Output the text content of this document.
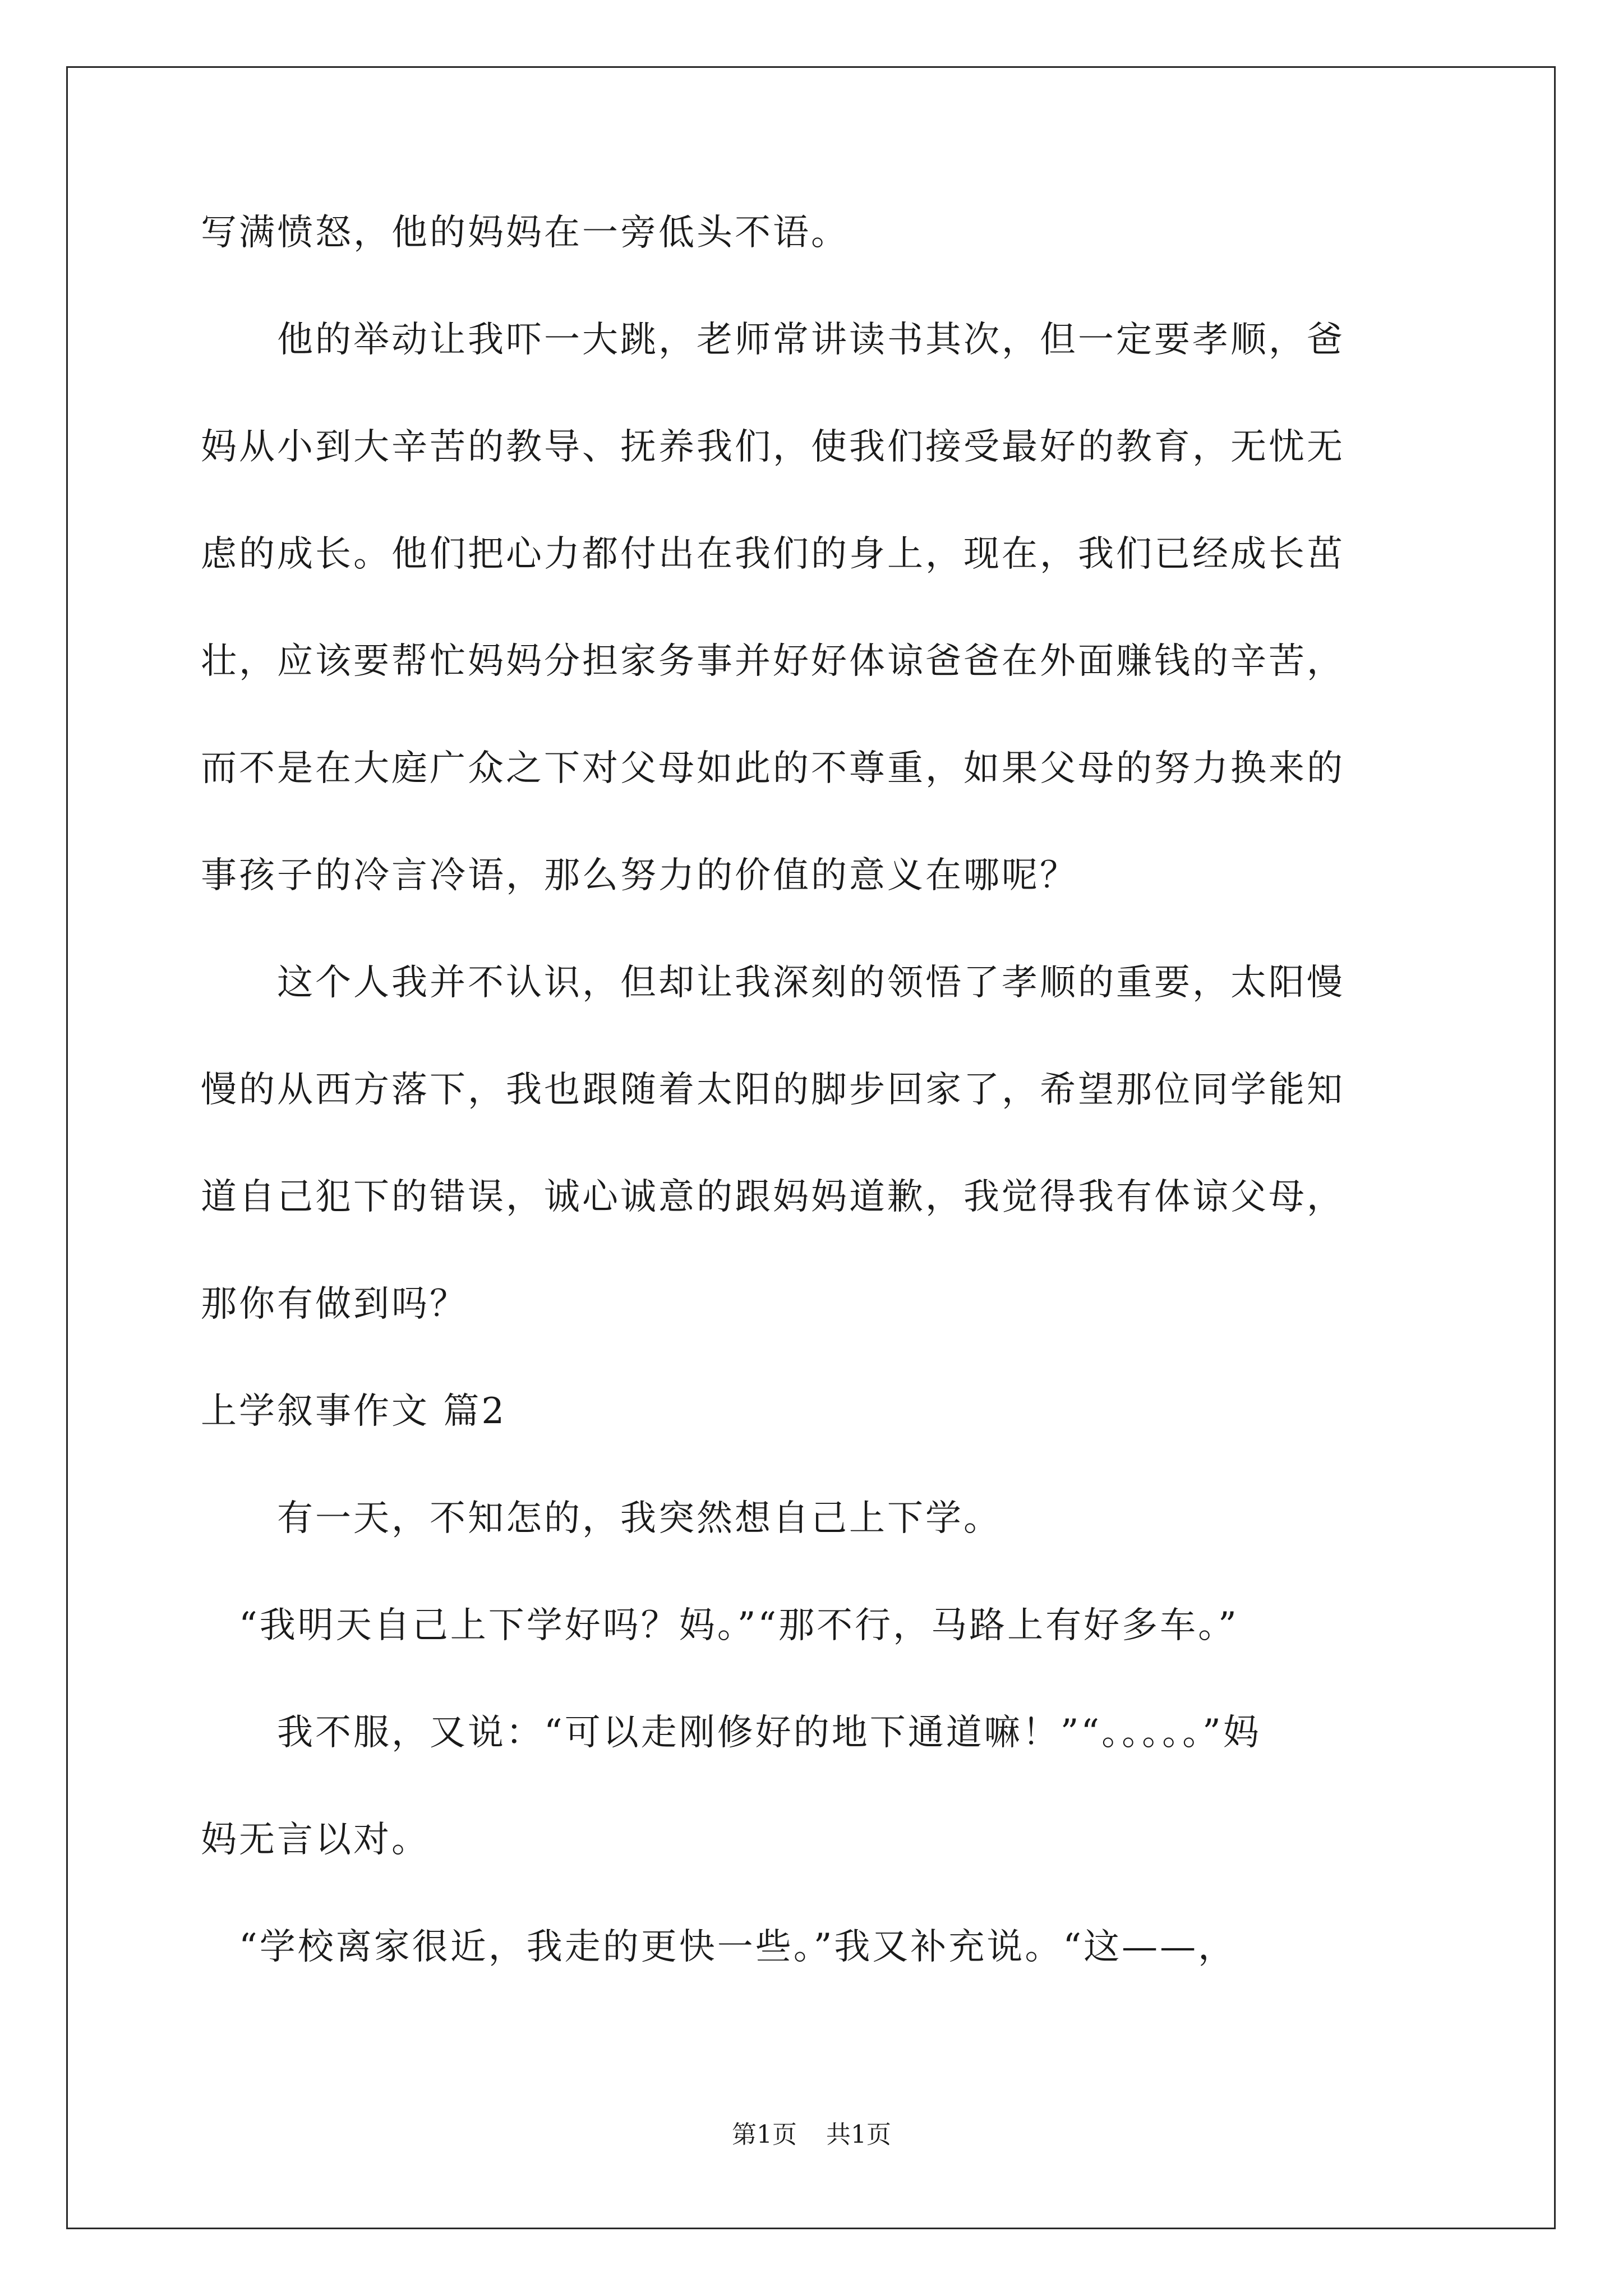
写满愤怒，他的妈妈在一旁低头不语。
　　他的举动让我吓一大跳，老师常讲读书其次，但一定要孝顺，爸
妈从小到大辛苦的教导、抚养我们，使我们接受最好的教育，无忧无
虑的成长。他们把心力都付出在我们的身上，现在，我们已经成长茁
壮，应该要帮忙妈妈分担家务事并好好体谅爸爸在外面赚钱的辛苦，
而不是在大庭广众之下对父母如此的不尊重，如果父母的努力换来的
事孩子的冷言冷语，那么努力的价值的意义在哪呢？
　　这个人我并不认识，但却让我深刻的领悟了孝顺的重要，太阳慢
慢的从西方落下，我也跟随着太阳的脚步回家了，希望那位同学能知
道自己犯下的错误，诚心诚意的跟妈妈道歉，我觉得我有体谅父母，
那你有做到吗？
上学叙事作文 篇2
　　有一天，不知怎的，我突然想自己上下学。
　“我明天自己上下学好吗？妈。”“那不行，马路上有好多车。”
　　我不服，又说：“可以走刚修好的地下通道嘛！”“。。。。。”妈
妈无言以对。
　“学校离家很近，我走的更快一些。”我又补充说。“这——，
第1页 共1页
